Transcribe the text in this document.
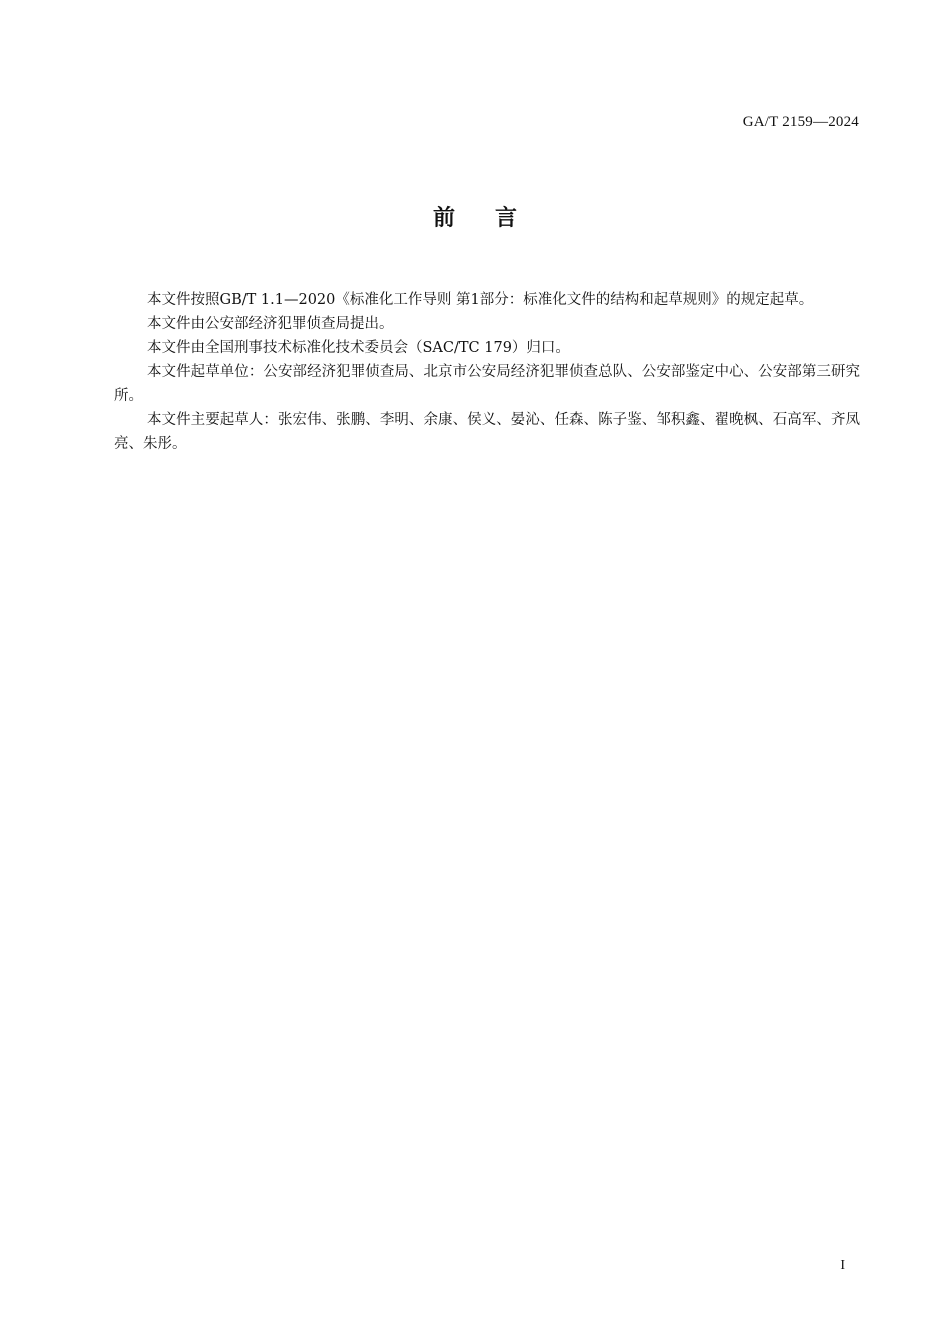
GA/T 2159—2024
前言

本文件按照GB/T 1.1—2020《标准化工作导则 第1部分：标准化文件的结构和起草规则》的规定起草。

本文件由公安部经济犯罪侦查局提出。

本文件由全国刑事技术标准化技术委员会（SAC/TC 179）归口。

本文件起草单位：公安部经济犯罪侦查局、北京市公安局经济犯罪侦查总队、公安部鉴定中心、公安部第三研究所。

本文件主要起草人：张宏伟、张鹏、李明、余康、侯义、晏沁、任森、陈子鉴、邹积鑫、翟晚枫、石高军、齐凤亮、朱彤。

I
